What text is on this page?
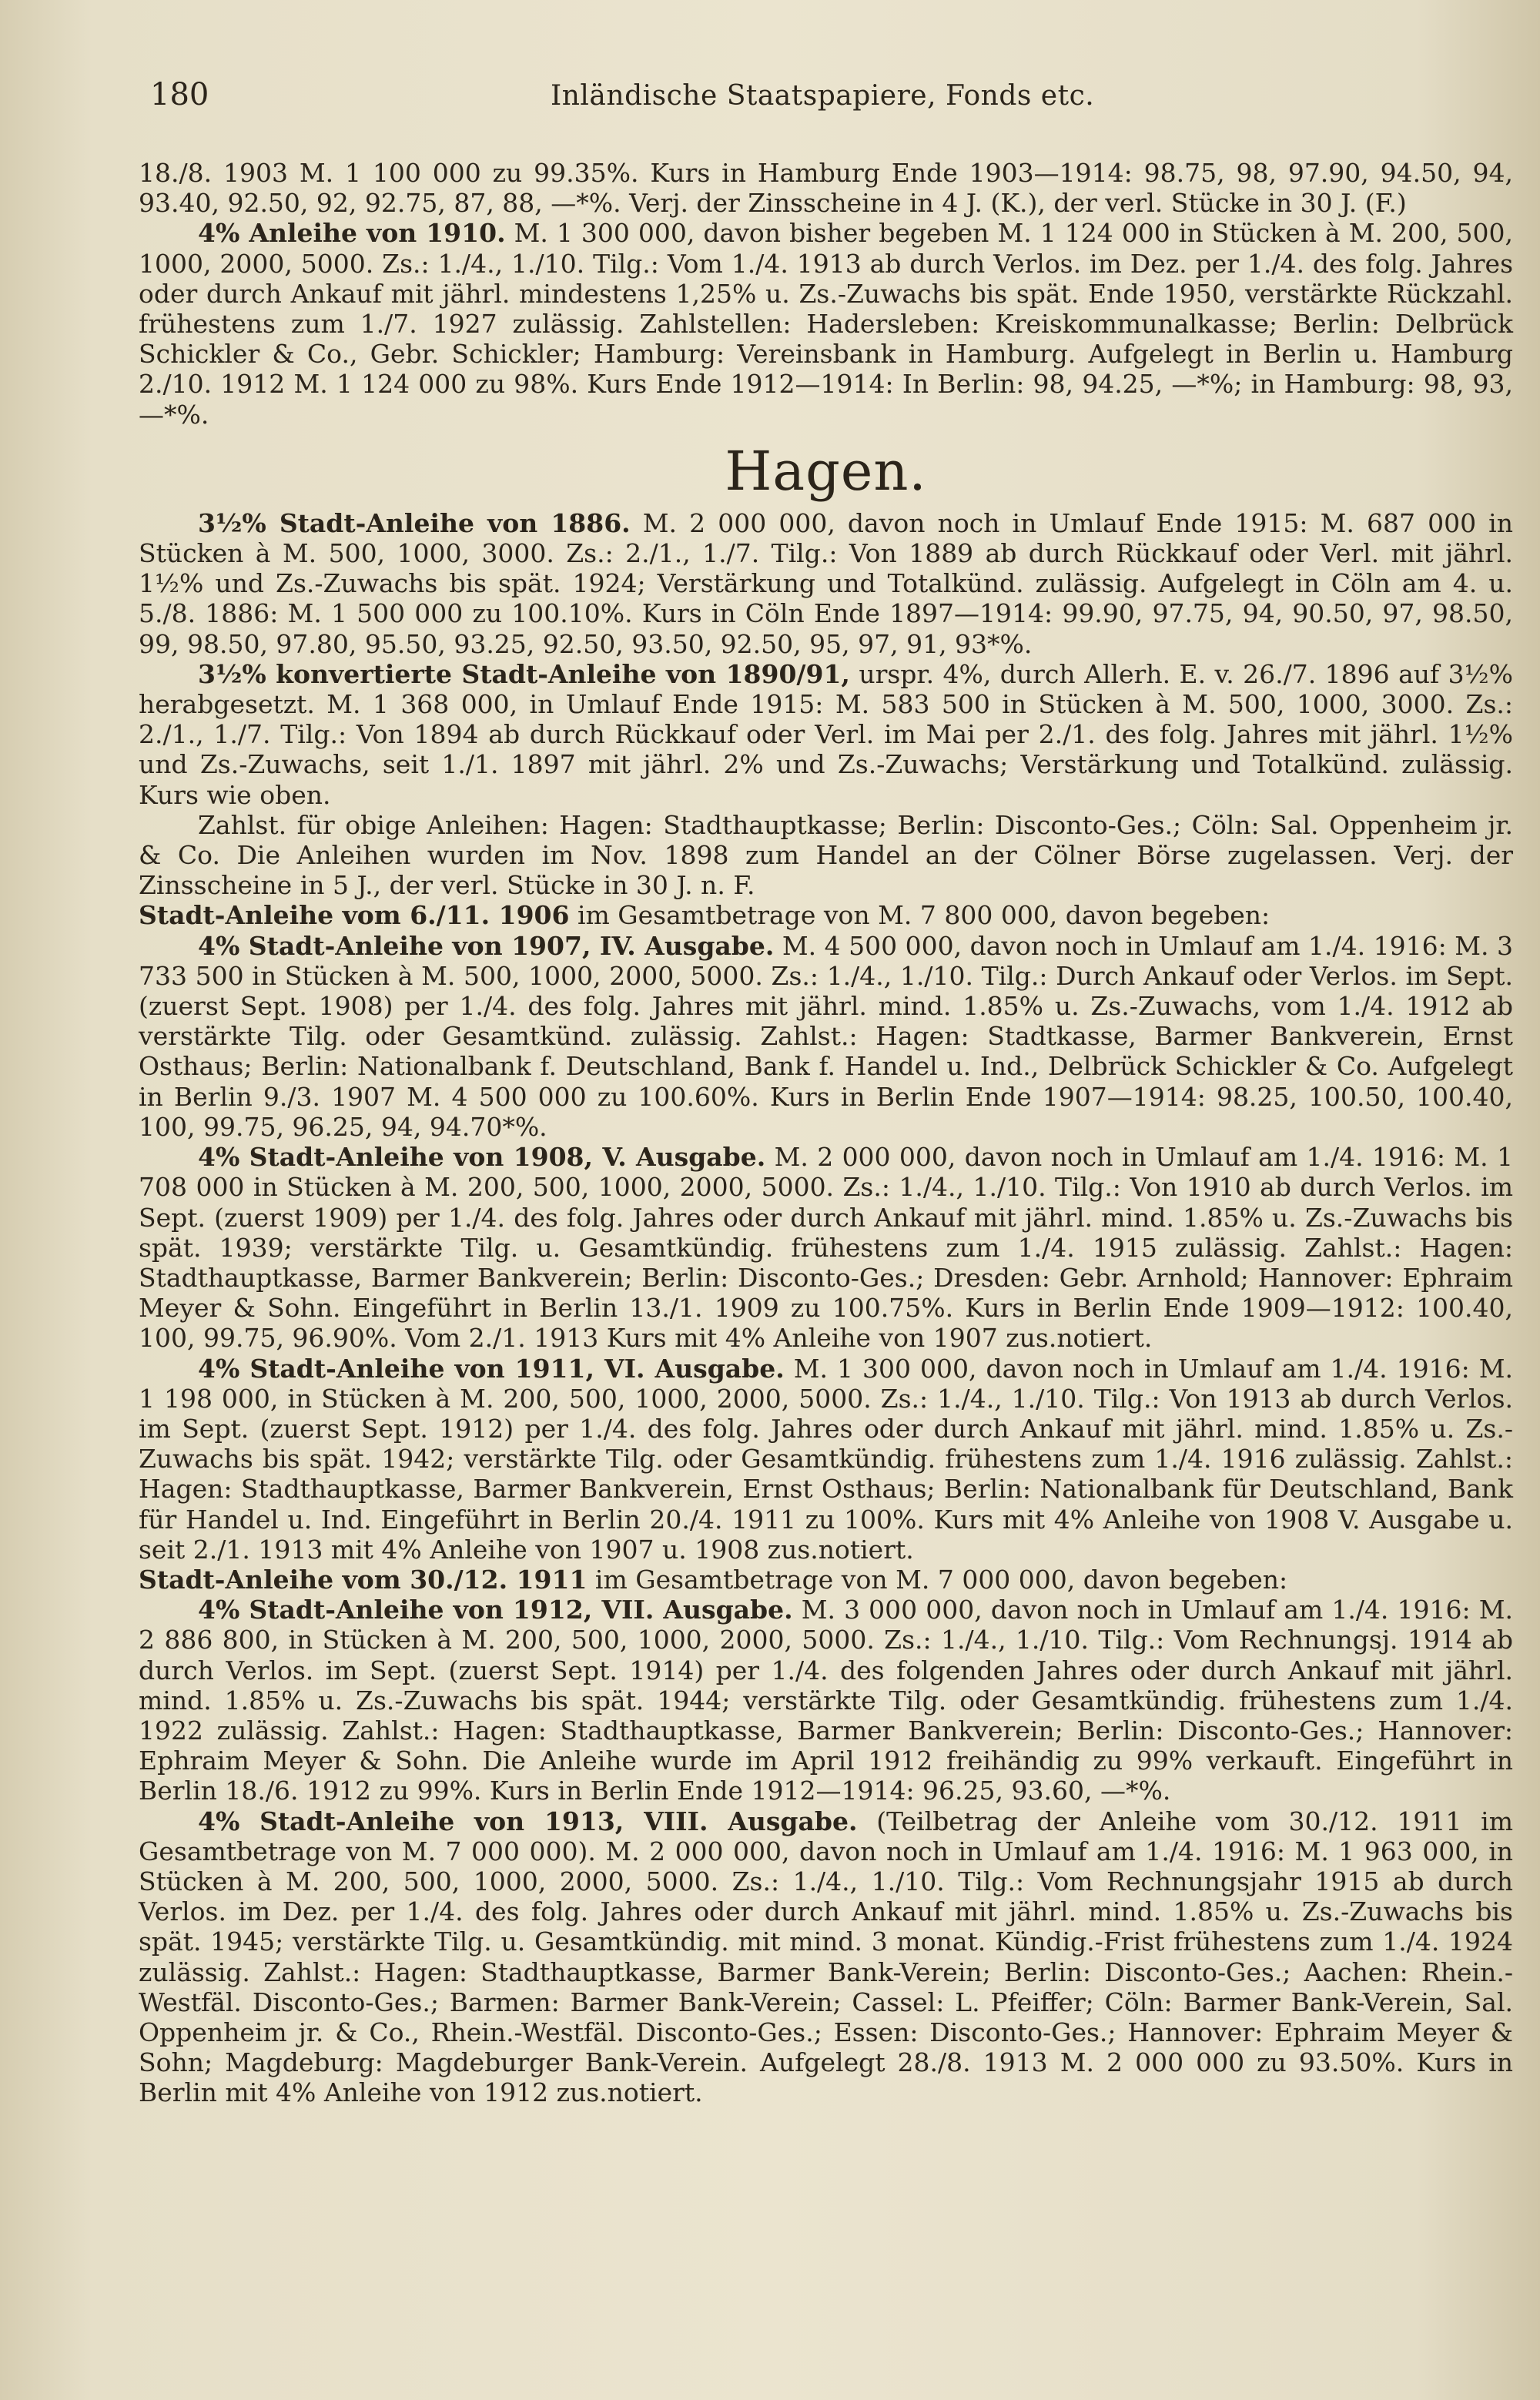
180	Inländische Staatspapiere, Fonds etc.

18./8. 1903 M. 1 100 000 zu 99.35%. Kurs in Hamburg Ende 1903—1914: 98.75, 98, 97.90, 94.50, 94, 93.40, 92.50, 92, 92.75, 87, 88, —*%. Verj. der Zinsscheine in 4 J. (K.), der verl. Stücke in 30 J. (F.)

4% Anleihe von 1910. M. 1 300 000, davon bisher begeben M. 1 124 000 in Stücken à M. 200, 500, 1000, 2000, 5000. Zs.: 1./4., 1./10. Tilg.: Vom 1./4. 1913 ab durch Verlos. im Dez. per 1./4. des folg. Jahres oder durch Ankauf mit jährl. mindestens 1,25% u. Zs.-Zuwachs bis spät. Ende 1950, verstärkte Rückzahl. frühestens zum 1./7. 1927 zulässig. Zahlstellen: Hadersleben: Kreiskommunalkasse; Berlin: Delbrück Schickler & Co., Gebr. Schickler; Hamburg: Vereinsbank in Hamburg. Aufgelegt in Berlin u. Hamburg 2./10. 1912 M. 1 124 000 zu 98%. Kurs Ende 1912—1914: In Berlin: 98, 94.25, —*%; in Hamburg: 98, 93, —*%.

Hagen.

3½% Stadt-Anleihe von 1886. M. 2 000 000, davon noch in Umlauf Ende 1915: M. 687 000 in Stücken à M. 500, 1000, 3000. Zs.: 2./1., 1./7. Tilg.: Von 1889 ab durch Rückkauf oder Verl. mit jährl. 1½% und Zs.-Zuwachs bis spät. 1924; Verstärkung und Totalkünd. zulässig. Aufgelegt in Cöln am 4. u. 5./8. 1886: M. 1 500 000 zu 100.10%. Kurs in Cöln Ende 1897—1914: 99.90, 97.75, 94, 90.50, 97, 98.50, 99, 98.50, 97.80, 95.50, 93.25, 92.50, 93.50, 92.50, 95, 97, 91, 93*%.

3½% konvertierte Stadt-Anleihe von 1890/91, urspr. 4%, durch Allerh. E. v. 26./7. 1896 auf 3½% herabgesetzt. M. 1 368 000, in Umlauf Ende 1915: M. 583 500 in Stücken à M. 500, 1000, 3000. Zs.: 2./1., 1./7. Tilg.: Von 1894 ab durch Rückkauf oder Verl. im Mai per 2./1. des folg. Jahres mit jährl. 1½% und Zs.-Zuwachs, seit 1./1. 1897 mit jährl. 2% und Zs.-Zuwachs; Verstärkung und Totalkünd. zulässig. Kurs wie oben.

Zahlst. für obige Anleihen: Hagen: Stadthauptkasse; Berlin: Disconto-Ges.; Cöln: Sal. Oppenheim jr. & Co. Die Anleihen wurden im Nov. 1898 zum Handel an der Cölner Börse zugelassen. Verj. der Zinsscheine in 5 J., der verl. Stücke in 30 J. n. F.

Stadt-Anleihe vom 6./11. 1906 im Gesamtbetrage von M. 7 800 000, davon begeben:

4% Stadt-Anleihe von 1907, IV. Ausgabe. M. 4 500 000, davon noch in Umlauf am 1./4. 1916: M. 3 733 500 in Stücken à M. 500, 1000, 2000, 5000. Zs.: 1./4., 1./10. Tilg.: Durch Ankauf oder Verlos. im Sept. (zuerst Sept. 1908) per 1./4. des folg. Jahres mit jährl. mind. 1.85% u. Zs.-Zuwachs, vom 1./4. 1912 ab verstärkte Tilg. oder Gesamtkünd. zulässig. Zahlst.: Hagen: Stadtkasse, Barmer Bankverein, Ernst Osthaus; Berlin: Nationalbank f. Deutschland, Bank f. Handel u. Ind., Delbrück Schickler & Co. Aufgelegt in Berlin 9./3. 1907 M. 4 500 000 zu 100.60%. Kurs in Berlin Ende 1907—1914: 98.25, 100.50, 100.40, 100, 99.75, 96.25, 94, 94.70*%.

4% Stadt-Anleihe von 1908, V. Ausgabe. M. 2 000 000, davon noch in Umlauf am 1./4. 1916: M. 1 708 000 in Stücken à M. 200, 500, 1000, 2000, 5000. Zs.: 1./4., 1./10. Tilg.: Von 1910 ab durch Verlos. im Sept. (zuerst 1909) per 1./4. des folg. Jahres oder durch Ankauf mit jährl. mind. 1.85% u. Zs.-Zuwachs bis spät. 1939; verstärkte Tilg. u. Gesamtkündig. frühestens zum 1./4. 1915 zulässig. Zahlst.: Hagen: Stadthauptkasse, Barmer Bankverein; Berlin: Disconto-Ges.; Dresden: Gebr. Arnhold; Hannover: Ephraim Meyer & Sohn. Eingeführt in Berlin 13./1. 1909 zu 100.75%. Kurs in Berlin Ende 1909—1912: 100.40, 100, 99.75, 96.90%. Vom 2./1. 1913 Kurs mit 4% Anleihe von 1907 zus.notiert.

4% Stadt-Anleihe von 1911, VI. Ausgabe. M. 1 300 000, davon noch in Umlauf am 1./4. 1916: M. 1 198 000, in Stücken à M. 200, 500, 1000, 2000, 5000. Zs.: 1./4., 1./10. Tilg.: Von 1913 ab durch Verlos. im Sept. (zuerst Sept. 1912) per 1./4. des folg. Jahres oder durch Ankauf mit jährl. mind. 1.85% u. Zs.-Zuwachs bis spät. 1942; verstärkte Tilg. oder Gesamtkündig. frühestens zum 1./4. 1916 zulässig. Zahlst.: Hagen: Stadthauptkasse, Barmer Bankverein, Ernst Osthaus; Berlin: Nationalbank für Deutschland, Bank für Handel u. Ind. Eingeführt in Berlin 20./4. 1911 zu 100%. Kurs mit 4% Anleihe von 1908 V. Ausgabe u. seit 2./1. 1913 mit 4% Anleihe von 1907 u. 1908 zus.notiert.

Stadt-Anleihe vom 30./12. 1911 im Gesamtbetrage von M. 7 000 000, davon begeben:

4% Stadt-Anleihe von 1912, VII. Ausgabe. M. 3 000 000, davon noch in Umlauf am 1./4. 1916: M. 2 886 800, in Stücken à M. 200, 500, 1000, 2000, 5000. Zs.: 1./4., 1./10. Tilg.: Vom Rechnungsj. 1914 ab durch Verlos. im Sept. (zuerst Sept. 1914) per 1./4. des folgenden Jahres oder durch Ankauf mit jährl. mind. 1.85% u. Zs.-Zuwachs bis spät. 1944; verstärkte Tilg. oder Gesamtkündig. frühestens zum 1./4. 1922 zulässig. Zahlst.: Hagen: Stadthauptkasse, Barmer Bankverein; Berlin: Disconto-Ges.; Hannover: Ephraim Meyer & Sohn. Die Anleihe wurde im April 1912 freihändig zu 99% verkauft. Eingeführt in Berlin 18./6. 1912 zu 99%. Kurs in Berlin Ende 1912—1914: 96.25, 93.60, —*%.

4% Stadt-Anleihe von 1913, VIII. Ausgabe. (Teilbetrag der Anleihe vom 30./12. 1911 im Gesamtbetrage von M. 7 000 000). M. 2 000 000, davon noch in Umlauf am 1./4. 1916: M. 1 963 000, in Stücken à M. 200, 500, 1000, 2000, 5000. Zs.: 1./4., 1./10. Tilg.: Vom Rechnungsjahr 1915 ab durch Verlos. im Dez. per 1./4. des folg. Jahres oder durch Ankauf mit jährl. mind. 1.85% u. Zs.-Zuwachs bis spät. 1945; verstärkte Tilg. u. Gesamtkündig. mit mind. 3 monat. Kündig.-Frist frühestens zum 1./4. 1924 zulässig. Zahlst.: Hagen: Stadthauptkasse, Barmer Bank-Verein; Berlin: Disconto-Ges.; Aachen: Rhein.-Westfäl. Disconto-Ges.; Barmen: Barmer Bank-Verein; Cassel: L. Pfeiffer; Cöln: Barmer Bank-Verein, Sal. Oppenheim jr. & Co., Rhein.-Westfäl. Disconto-Ges.; Essen: Disconto-Ges.; Hannover: Ephraim Meyer & Sohn; Magdeburg: Magdeburger Bank-Verein. Aufgelegt 28./8. 1913 M. 2 000 000 zu 93.50%. Kurs in Berlin mit 4% Anleihe von 1912 zus.notiert.
